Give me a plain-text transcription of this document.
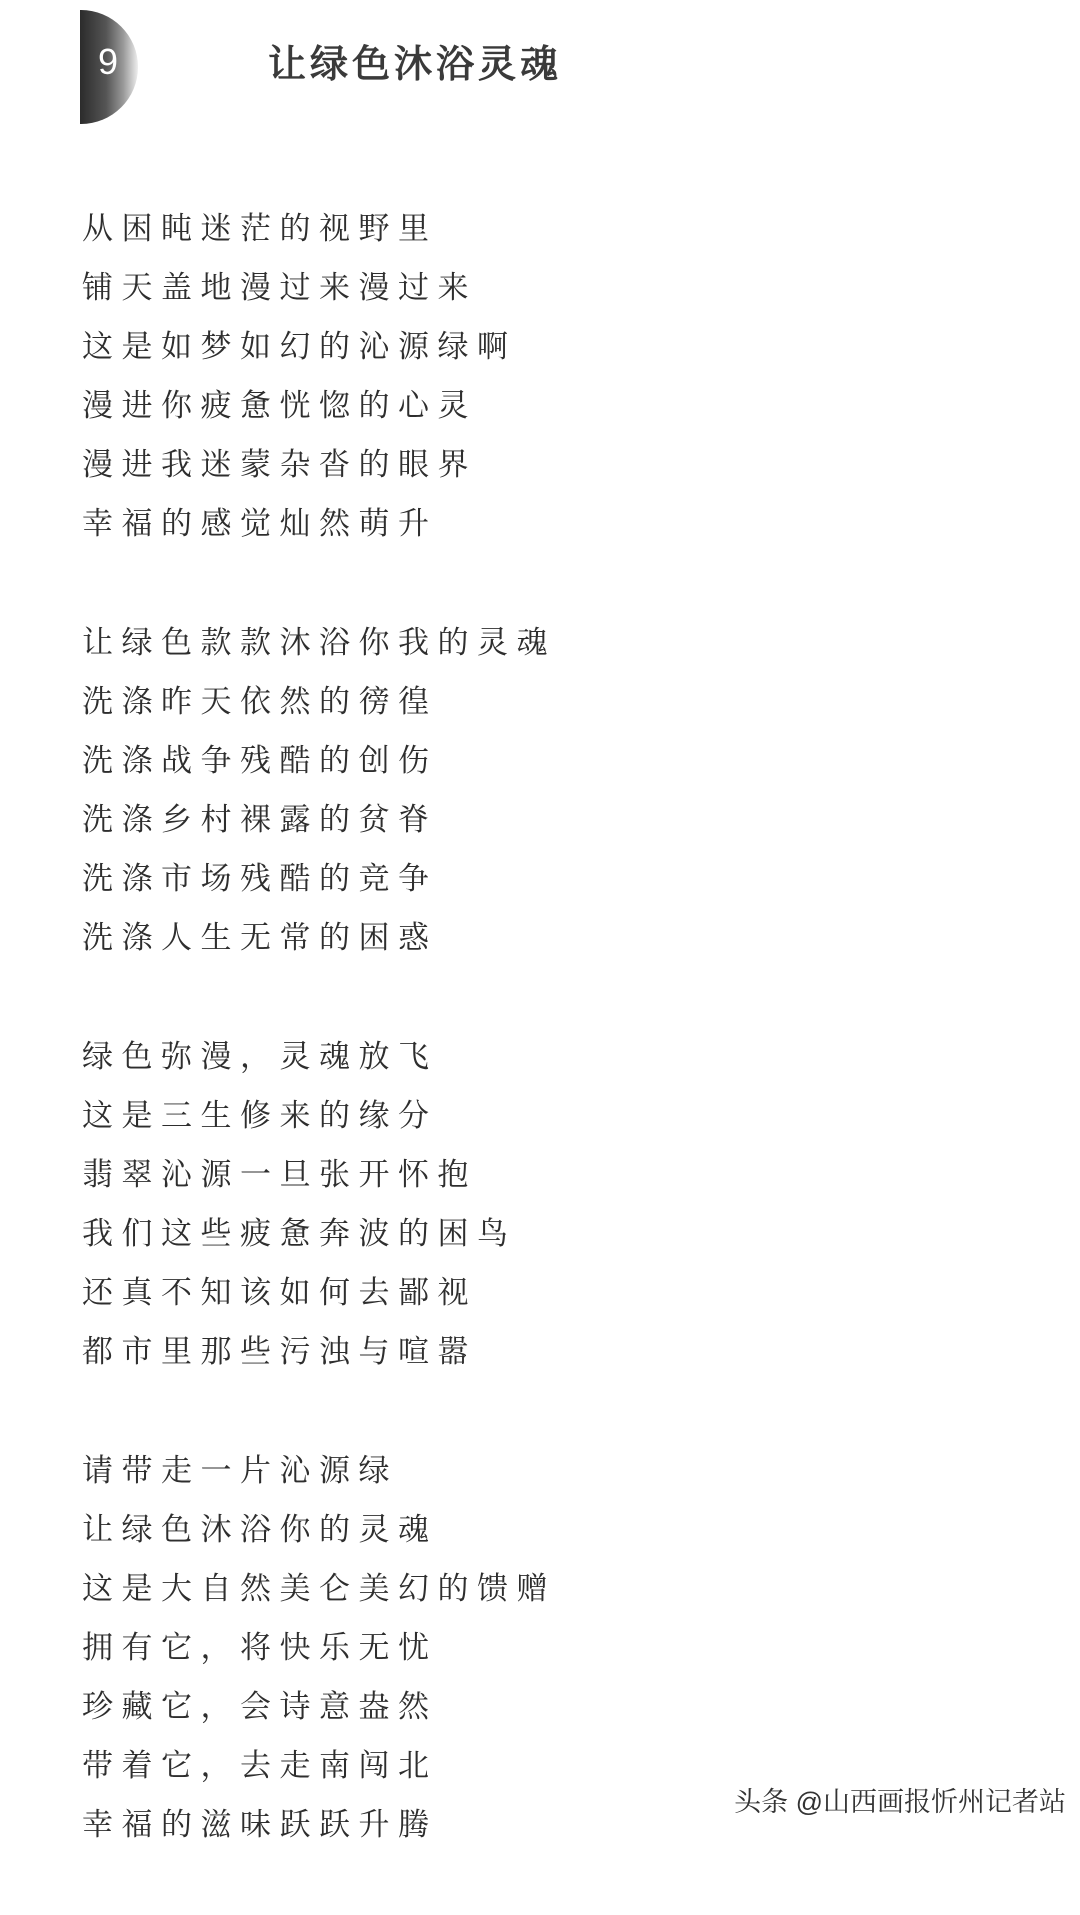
9	让绿色沐浴灵魂
从困盹迷茫的视野里
铺天盖地漫过来漫过来
这是如梦如幻的沁源绿啊
漫进你疲惫恍惚的心灵
漫进我迷蒙杂沓的眼界
幸福的感觉灿然萌升
让绿色款款沐浴你我的灵魂
洗涤昨天依然的徬徨
洗涤战争残酷的创伤
洗涤乡村裸露的贫脊
洗涤市场残酷的竞争
洗涤人生无常的困惑
绿色弥漫，灵魂放飞
这是三生修来的缘分
翡翠沁源一旦张开怀抱
我们这些疲惫奔波的困鸟
还真不知该如何去鄙视
都市里那些污浊与喧嚣
请带走一片沁源绿
让绿色沐浴你的灵魂
这是大自然美仑美幻的馈赠
拥有它，将快乐无忧
珍藏它，会诗意盎然
带着它，去走南闯北
幸福的滋味跃跃升腾
头条 @山西画报忻州记者站
